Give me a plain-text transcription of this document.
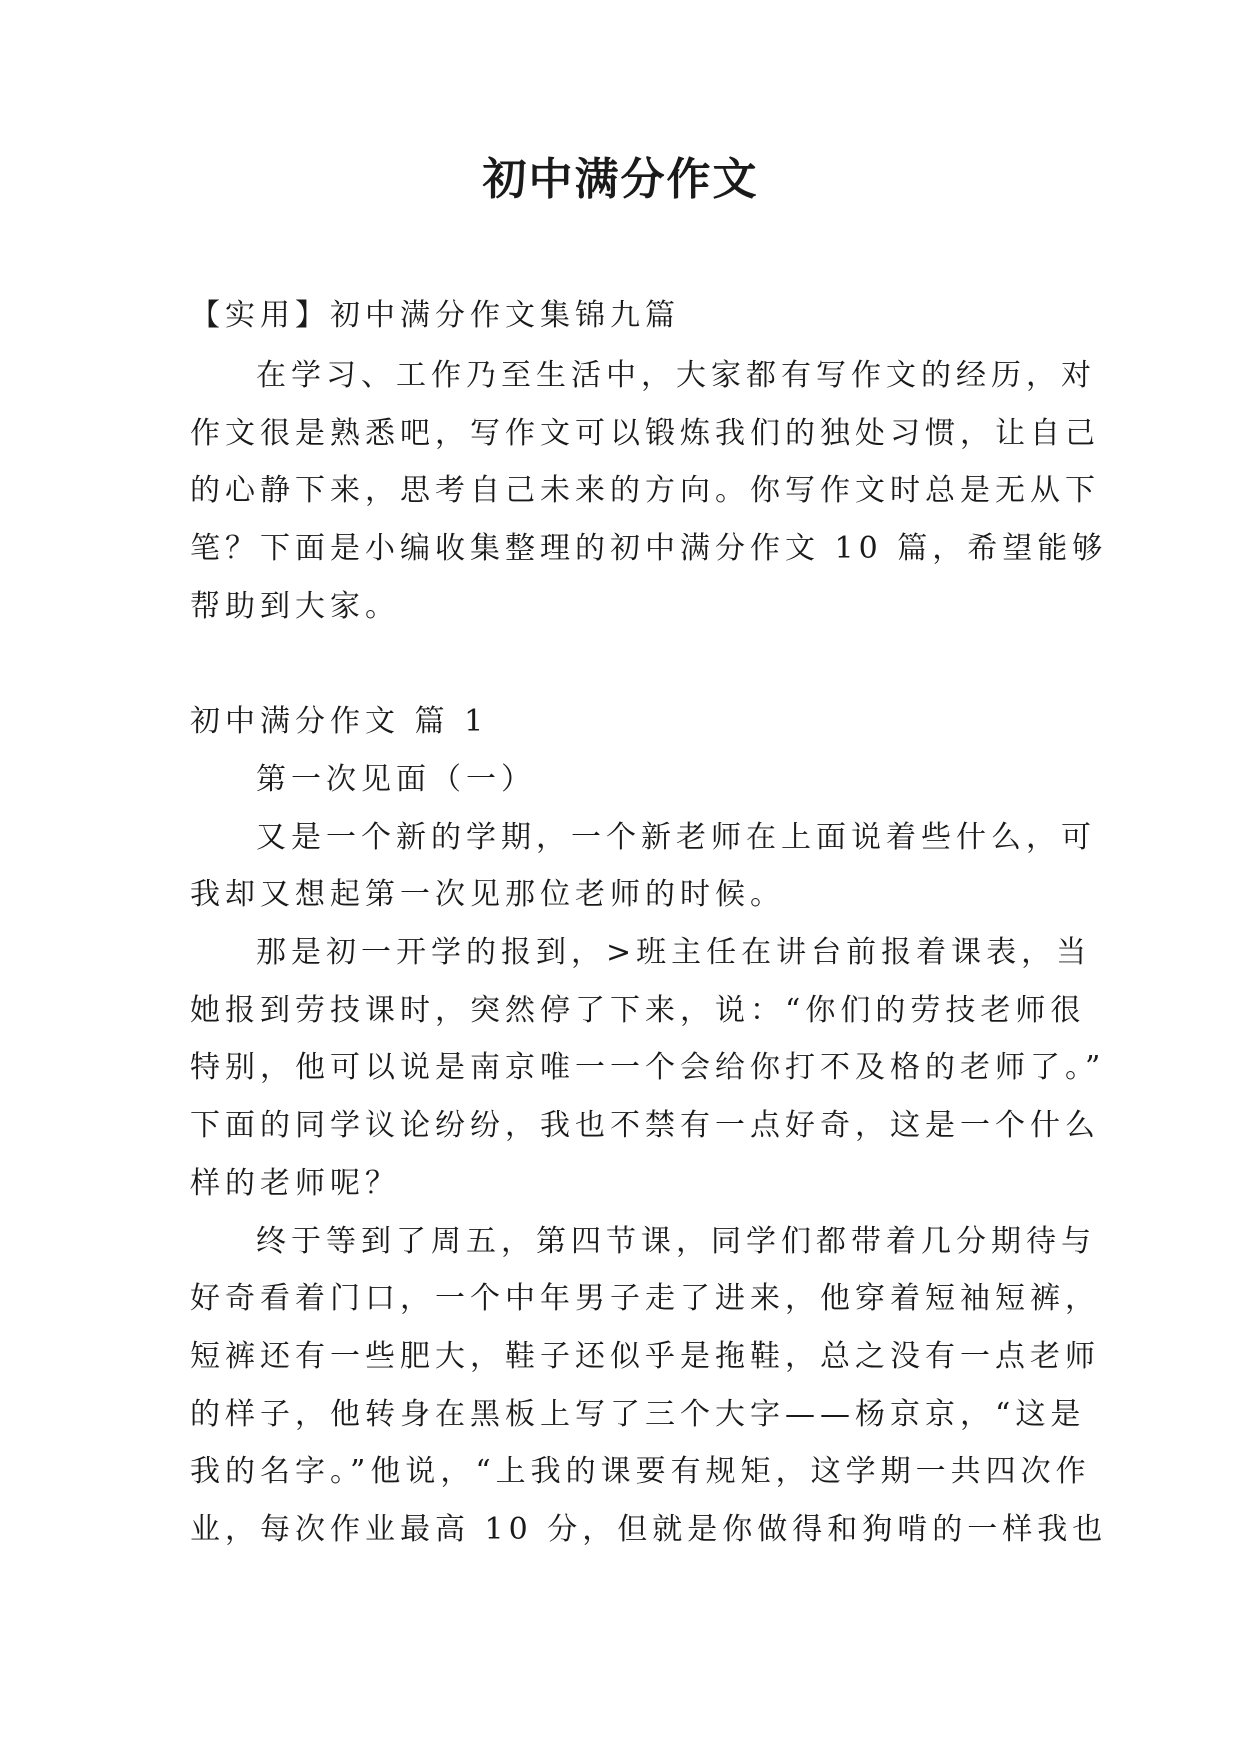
初中满分作文

【实用】初中满分作文集锦九篇

在学习、工作乃至生活中，大家都有写作文的经历，对

作文很是熟悉吧，写作文可以锻炼我们的独处习惯，让自己

的心静下来，思考自己未来的方向。你写作文时总是无从下

笔？下面是小编收集整理的初中满分作文 10 篇，希望能够

帮助到大家。

初中满分作文 篇 1

第一次见面（一）

又是一个新的学期，一个新老师在上面说着些什么，可

我却又想起第一次见那位老师的时候。

那是初一开学的报到，>班主任在讲台前报着课表，当

她报到劳技课时，突然停了下来，说：“你们的劳技老师很

特别，他可以说是南京唯一一个会给你打不及格的老师了。”

下面的同学议论纷纷，我也不禁有一点好奇，这是一个什么

样的老师呢？

终于等到了周五，第四节课，同学们都带着几分期待与

好奇看着门口，一个中年男子走了进来，他穿着短袖短裤，

短裤还有一些肥大，鞋子还似乎是拖鞋，总之没有一点老师

的样子，他转身在黑板上写了三个大字——杨京京，“这是

我的名字。”他说，“上我的课要有规矩，这学期一共四次作

业，每次作业最高 10 分，但就是你做得和狗啃的一样我也
